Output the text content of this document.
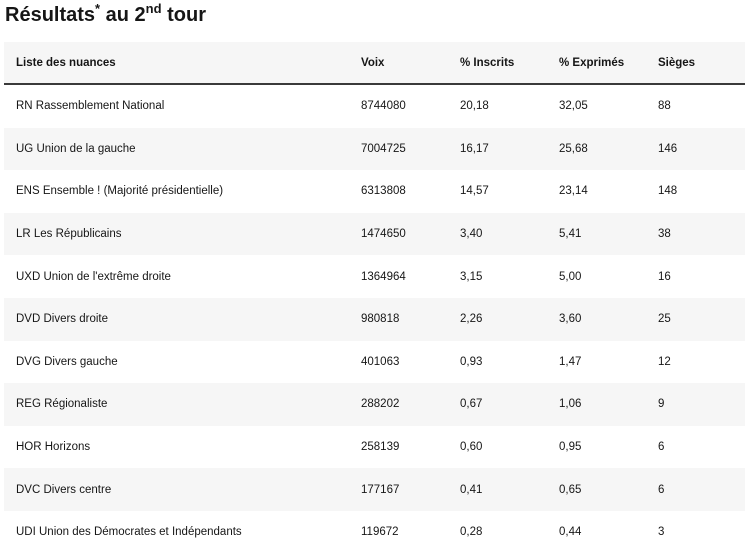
Résultats* au 2nd tour
Liste des nuances	Voix	% Inscrits	% Exprimés	Sièges
RN Rassemblement National	8744080	20,18	32,05	88
UG Union de la gauche	7004725	16,17	25,68	146
ENS Ensemble ! (Majorité présidentielle)	6313808	14,57	23,14	148
LR Les Républicains	1474650	3,40	5,41	38
UXD Union de l'extrême droite	1364964	3,15	5,00	16
DVD Divers droite	980818	2,26	3,60	25
DVG Divers gauche	401063	0,93	1,47	12
REG Régionaliste	288202	0,67	1,06	9
HOR Horizons	258139	0,60	0,95	6
DVC Divers centre	177167	0,41	0,65	6
UDI Union des Démocrates et Indépendants	119672	0,28	0,44	3
